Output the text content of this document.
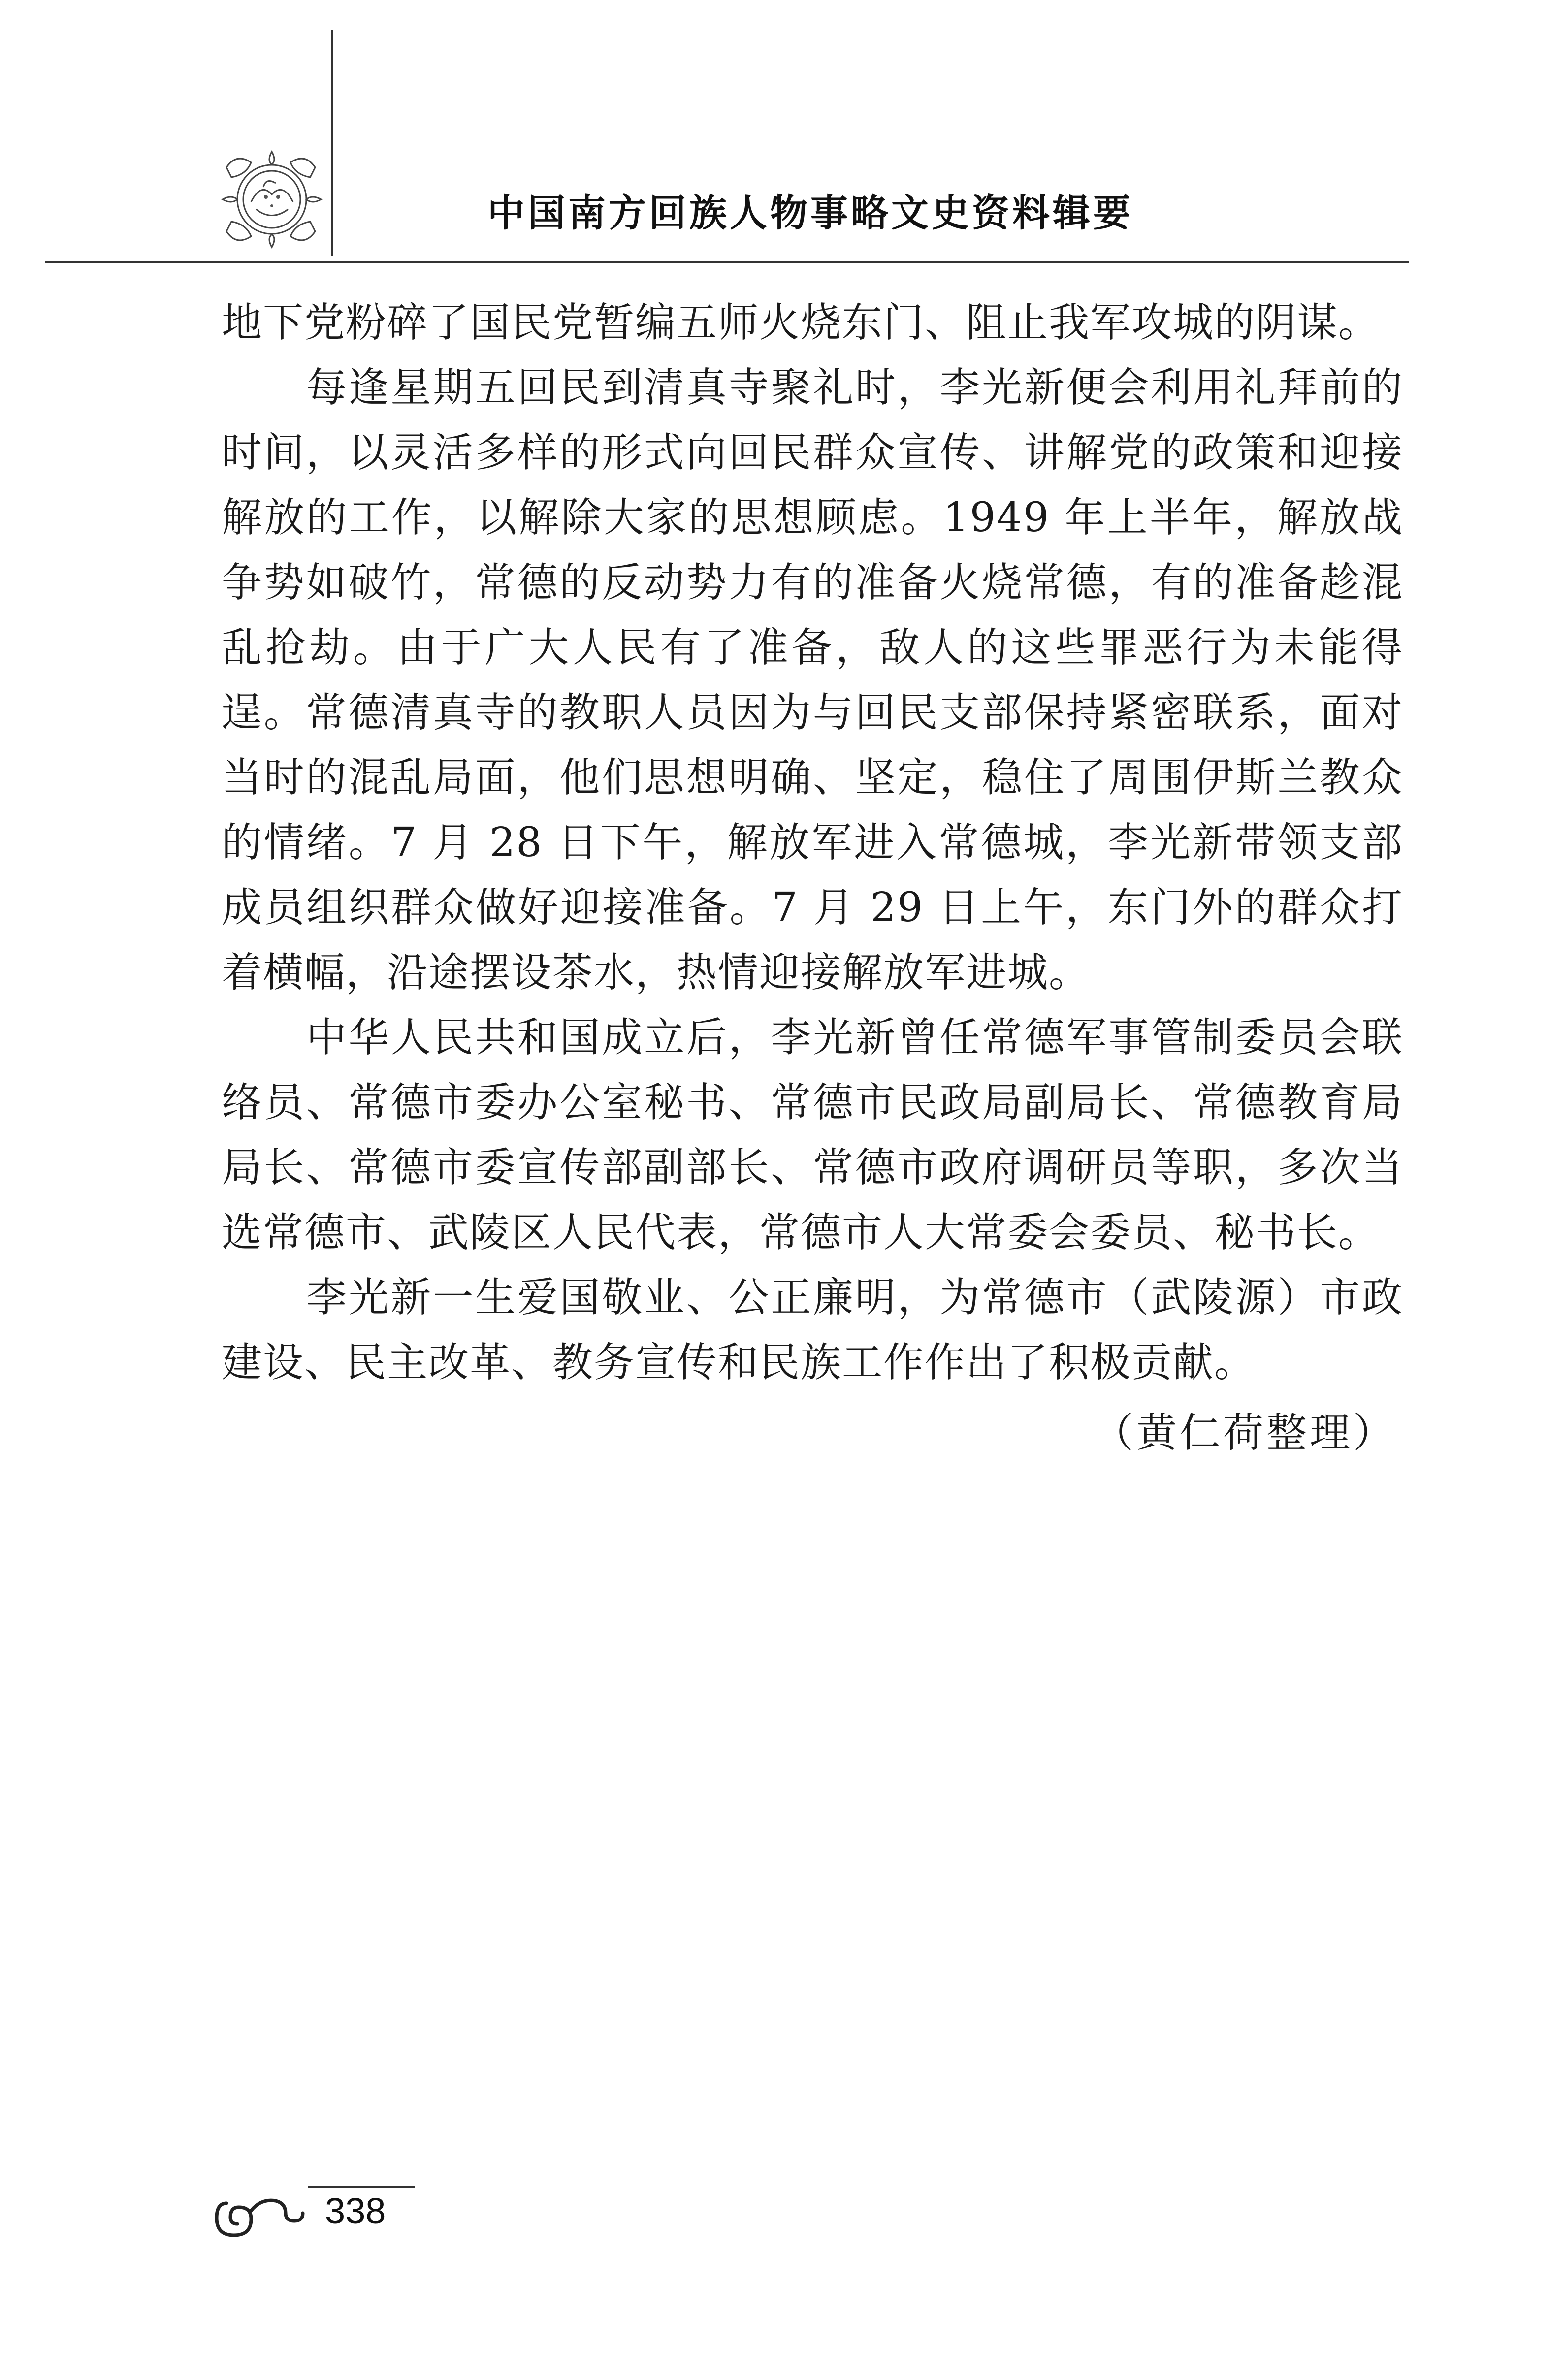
中国南方回族人物事略文史资料辑要

地下党粉碎了国民党暂编五师火烧东门、阻止我军攻城的阴谋。

每逢星期五回民到清真寺聚礼时，李光新便会利用礼拜前的时间，以灵活多样的形式向回民群众宣传、讲解党的政策和迎接解放的工作，以解除大家的思想顾虑。1949 年上半年，解放战争势如破竹，常德的反动势力有的准备火烧常德，有的准备趁混乱抢劫。由于广大人民有了准备，敌人的这些罪恶行为未能得逞。常德清真寺的教职人员因为与回民支部保持紧密联系，面对当时的混乱局面，他们思想明确、坚定，稳住了周围伊斯兰教众的情绪。7 月 28 日下午，解放军进入常德城，李光新带领支部成员组织群众做好迎接准备。7 月 29 日上午，东门外的群众打着横幅，沿途摆设茶水，热情迎接解放军进城。

中华人民共和国成立后，李光新曾任常德军事管制委员会联络员、常德市委办公室秘书、常德市民政局副局长、常德教育局局长、常德市委宣传部副部长、常德市政府调研员等职，多次当选常德市、武陵区人民代表，常德市人大常委会委员、秘书长。

李光新一生爱国敬业、公正廉明，为常德市（武陵源）市政建设、民主改革、教务宣传和民族工作作出了积极贡献。

（黄仁荷整理）
338
